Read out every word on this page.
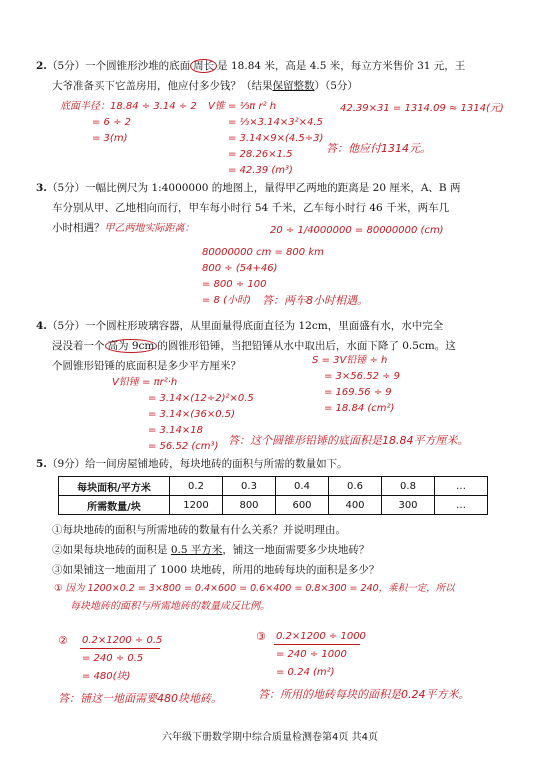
2.（5分）一个圆锥形沙堆的底面 周长 是 18.84 米，高是 4.5 米，每立方米售价 31 元，王
大爷准备买下它盖房用，他应付多少钱？（结果保留整数）（5分）
底面半径：18.84 ÷ 3.14 ÷ 2
= 6 ÷ 2
= 3(m)
V锥 = ⅓π r² h
= ⅓×3.14×3²×4.5
= 3.14×9×(4.5÷3)
= 28.26×1.5
= 42.39 (m³)
42.39×31 = 1314.09 ≈ 1314(元)
答：他应付1314元。
3.（5分）一幅比例尺为 1:4000000 的地图上，量得甲乙两地的距离是 20 厘米，A、B 两
车分别从甲、乙地相向而行，甲车每小时行 54 千米，乙车每小时行 46 千米，两车几
小时相遇？甲乙两地实际距离：	20 ÷ 1/4000000 = 80000000 (cm)
80000000 cm = 800 km
800 ÷ (54+46)
= 800 ÷ 100
= 8 (小时) 答：两车8小时相遇。
4.（5分）一个圆柱形玻璃容器，从里面量得底面直径为 12cm，里面盛有水，水中完全
浸没着一个 高为 9cm 的圆锥形铅锤，当把铅锤从水中取出后，水面下降了 0.5cm。这
个圆锥形铅锤的底面积是多少平方厘米？
V铅锤 = πr²·h
= 3.14×(12÷2)²×0.5
= 3.14×(36×0.5)
= 3.14×18
= 56.52 (cm³)
S = 3V铅锤 ÷ h
= 3×56.52 ÷ 9
= 169.56 ÷ 9
= 18.84 (cm²)
答：这个圆锥形铅锤的底面积是18.84平方厘米。
5.（9分）给一间房屋铺地砖，每块地砖的面积与所需的数量如下。
每块面积/平方米	0.2	0.3	0.4	0.6	0.8	…
所需数量/块	1200	800	600	400	300	…
①每块地砖的面积与所需地砖的数量有什么关系？并说明理由。
②如果每块地砖的面积是 0.5 平方米，铺这一地面需要多少块地砖？
③如果铺这一地面用了 1000 块地砖，所用的地砖每块的面积是多少？
① 因为 1200×0.2 = 3×800 = 0.4×600 = 0.6×400 = 0.8×300 = 240，乘积一定，所以
每块地砖的面积与所需地砖的数量成反比例。
② 0.2×1200 ÷ 0.5
= 240 ÷ 0.5
= 480(块)
答：铺这一地面需要480块地砖。
③ 0.2×1200 ÷ 1000
= 240 ÷ 1000
= 0.24 (m²)
答：所用的地砖每块的面积是0.24平方米。
六年级下册数学期中综合质量检测卷第4页 共4页
